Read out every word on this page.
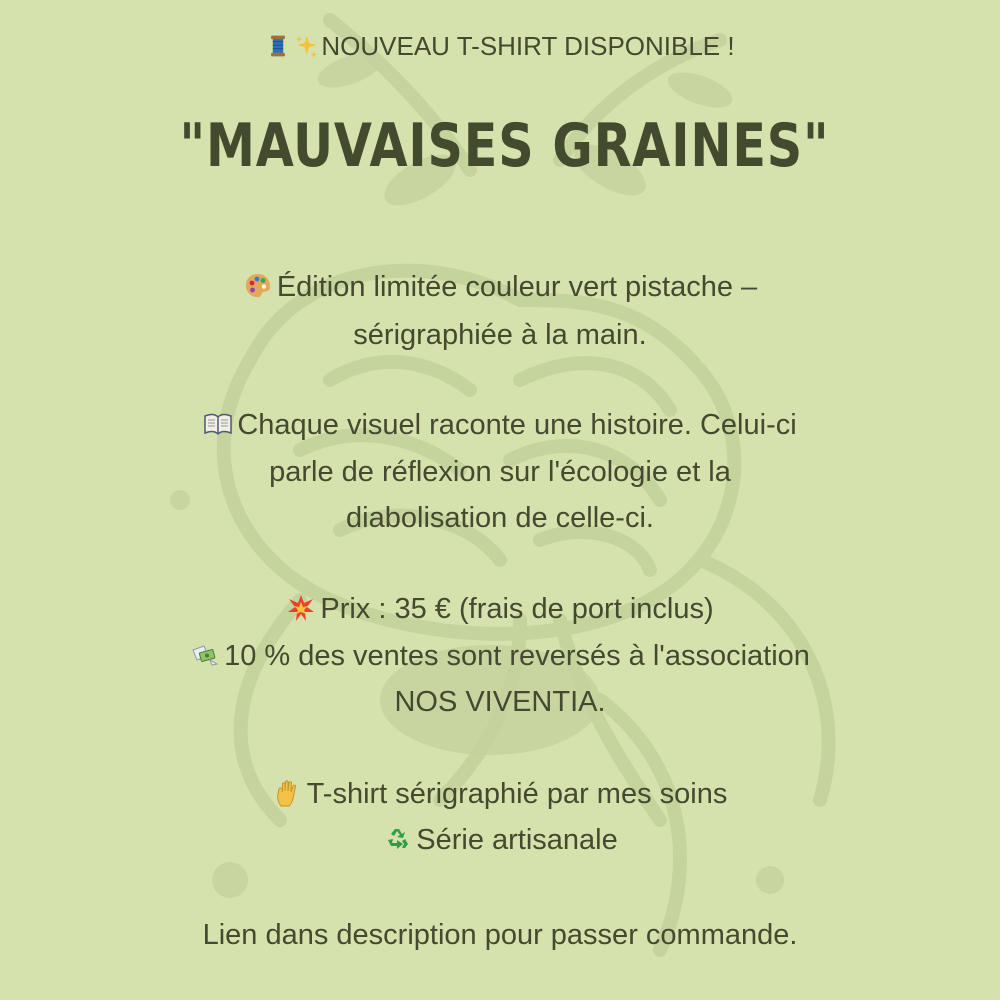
NOUVEAU T-SHIRT DISPONIBLE !
"MAUVAISES GRAINES"
Édition limitée couleur vert pistache –
sérigraphiée à la main.
Chaque visuel raconte une histoire. Celui-ci
parle de réflexion sur l'écologie et la
diabolisation de celle-ci.
Prix : 35 € (frais de port inclus)
10 % des ventes sont reversés à l'association
NOS VIVENTIA.
T-shirt sérigraphié par mes soins
Série artisanale
Lien dans description pour passer commande.
